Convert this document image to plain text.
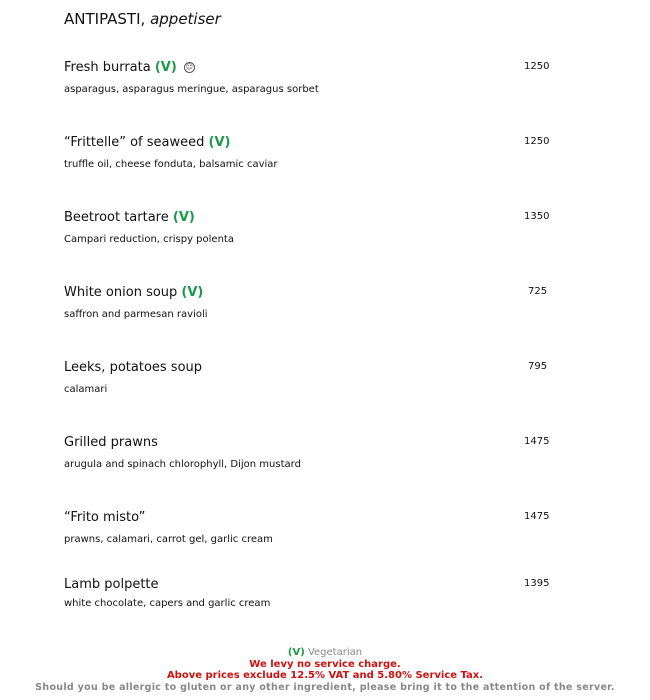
ANTIPASTI, appetiser
Fresh burrata (V) ☺
asparagus, asparagus meringue, asparagus sorbet
1250
“Frittelle” of seaweed (V)
truffle oil, cheese fonduta, balsamic caviar
1250
Beetroot tartare (V)
Campari reduction, crispy polenta
1350
White onion soup (V)
saffron and parmesan ravioli
725
Leeks, potatoes soup
calamari
795
Grilled prawns
arugula and spinach chlorophyll, Dijon mustard
1475
“Frito misto”
prawns, calamari, carrot gel, garlic cream
1475
Lamb polpette
white chocolate, capers and garlic cream
1395
(V) Vegetarian
We levy no service charge.
Above prices exclude 12.5% VAT and 5.80% Service Tax.
Should you be allergic to gluten or any other ingredient, please bring it to the attention of the server.
